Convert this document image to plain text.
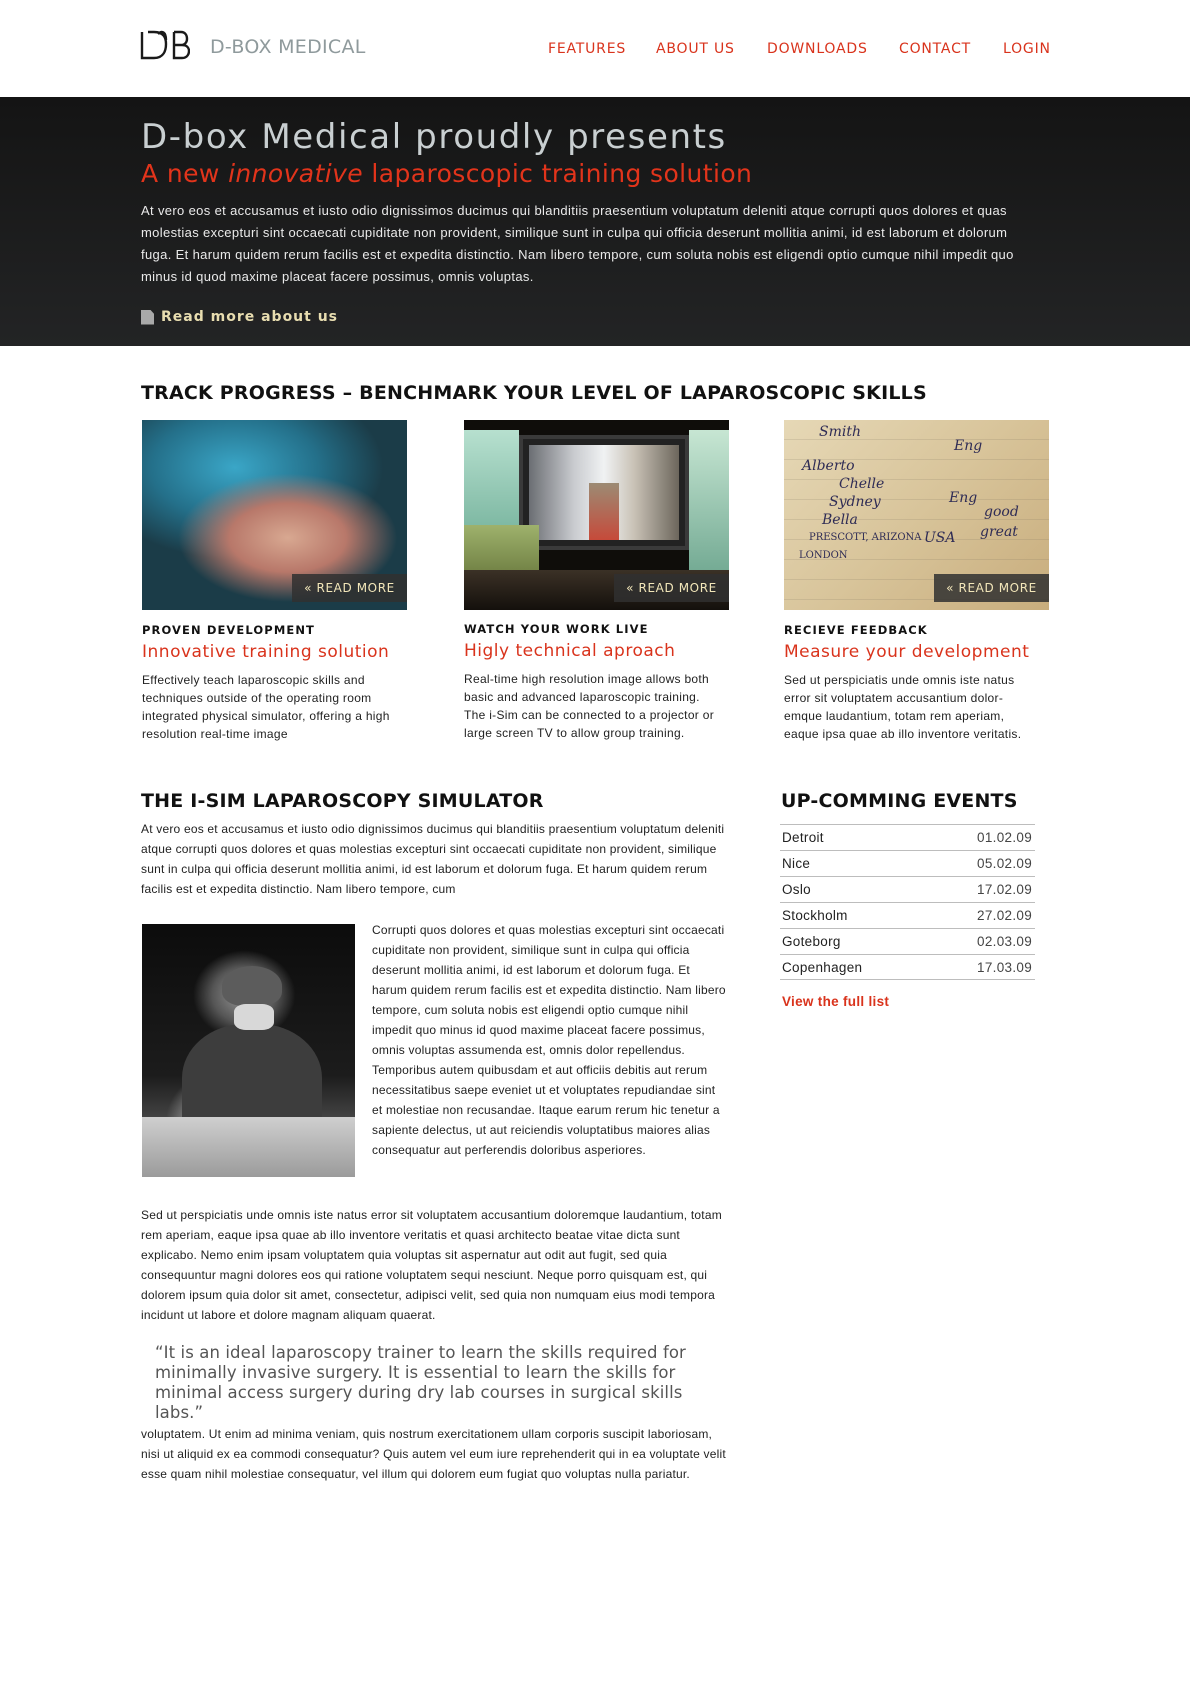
D-BOX MEDICAL	FEATURES ABOUT US DOWNLOADS CONTACT LOGIN
D-box Medical proudly presents
A new innovative laparoscopic training solution

At vero eos et accusamus et iusto odio dignissimos ducimus qui blanditiis praesentium voluptatum deleniti atque corrupti quos dolores et quas molestias excepturi sint occaecati cupiditate non provident, similique sunt in culpa qui officia deserunt mollitia animi, id est laborum et dolorum fuga. Et harum quidem rerum facilis est et expedita distinctio. Nam libero tempore, cum soluta nobis est eligendi optio cumque nihil impedit quo minus id quod maxime placeat facere possimus, omnis voluptas.

Read more about us
TRACK PROGRESS – BENCHMARK YOUR LEVEL OF LAPAROSCOPIC SKILLS
« READ MORE
PROVEN DEVELOPMENT
Innovative training solution

Effectively teach laparoscopic skills and techniques outside of the operating room integrated physical simulator, offering a high resolution real-time image

« READ MORE
WATCH YOUR WORK LIVE
Higly technical aproach

Real-time high resolution image allows both basic and advanced laparoscopic training. The i-Sim can be connected to a projector or large screen TV to allow group training.

Smith
Eng
Alberto
Chelle
Sydney
Bella
USA
PRESCOTT, ARIZONA
LONDON
Eng
good
great
« READ MORE
RECIEVE FEEDBACK
Measure your development

Sed ut perspiciatis unde omnis iste natus error sit voluptatem accusantium dolor-emque laudantium, totam rem aperiam, eaque ipsa quae ab illo inventore veritatis.

THE I-SIM LAPAROSCOPY SIMULATOR

At vero eos et accusamus et iusto odio dignissimos ducimus qui blanditiis praesentium voluptatum deleniti atque corrupti quos dolores et quas molestias excepturi sint occaecati cupiditate non provident, similique sunt in culpa qui officia deserunt mollitia animi, id est laborum et dolorum fuga. Et harum quidem rerum facilis est et expedita distinctio. Nam libero tempore, cum

Corrupti quos dolores et quas molestias excepturi sint occaecati cupiditate non provident, similique sunt in culpa qui officia deserunt mollitia animi, id est laborum et dolorum fuga. Et harum quidem rerum facilis est et expedita distinctio. Nam libero tempore, cum soluta nobis est eligendi optio cumque nihil impedit quo minus id quod maxime placeat facere possimus, omnis voluptas assumenda est, omnis dolor repellendus. Temporibus autem quibusdam et aut officiis debitis aut rerum necessitatibus saepe eveniet ut et voluptates repudiandae sint et molestiae non recusandae. Itaque earum rerum hic tenetur a sapiente delectus, ut aut reiciendis voluptatibus maiores alias consequatur aut perferendis doloribus asperiores.

Sed ut perspiciatis unde omnis iste natus error sit voluptatem accusantium doloremque laudantium, totam rem aperiam, eaque ipsa quae ab illo inventore veritatis et quasi architecto beatae vitae dicta sunt explicabo. Nemo enim ipsam voluptatem quia voluptas sit aspernatur aut odit aut fugit, sed quia consequuntur magni dolores eos qui ratione voluptatem sequi nesciunt. Neque porro quisquam est, qui dolorem ipsum quia dolor sit amet, consectetur, adipisci velit, sed quia non numquam eius modi tempora incidunt ut labore et dolore magnam aliquam quaerat.

“It is an ideal laparoscopy trainer to learn the skills required for minimally invasive surgery. It is essential to learn the skills for minimal access surgery during dry lab courses in surgical skills labs.”

voluptatem. Ut enim ad minima veniam, quis nostrum exercitationem ullam corporis suscipit laboriosam, nisi ut aliquid ex ea commodi consequatur? Quis autem vel eum iure reprehenderit qui in ea voluptate velit esse quam nihil molestiae consequatur, vel illum qui dolorem eum fugiat quo voluptas nulla pariatur.

UP-COMMING EVENTS
Detroit	01.02.09
Nice	05.02.09
Oslo	17.02.09
Stockholm	27.02.09
Goteborg	02.03.09
Copenhagen	17.03.09
View the full list
